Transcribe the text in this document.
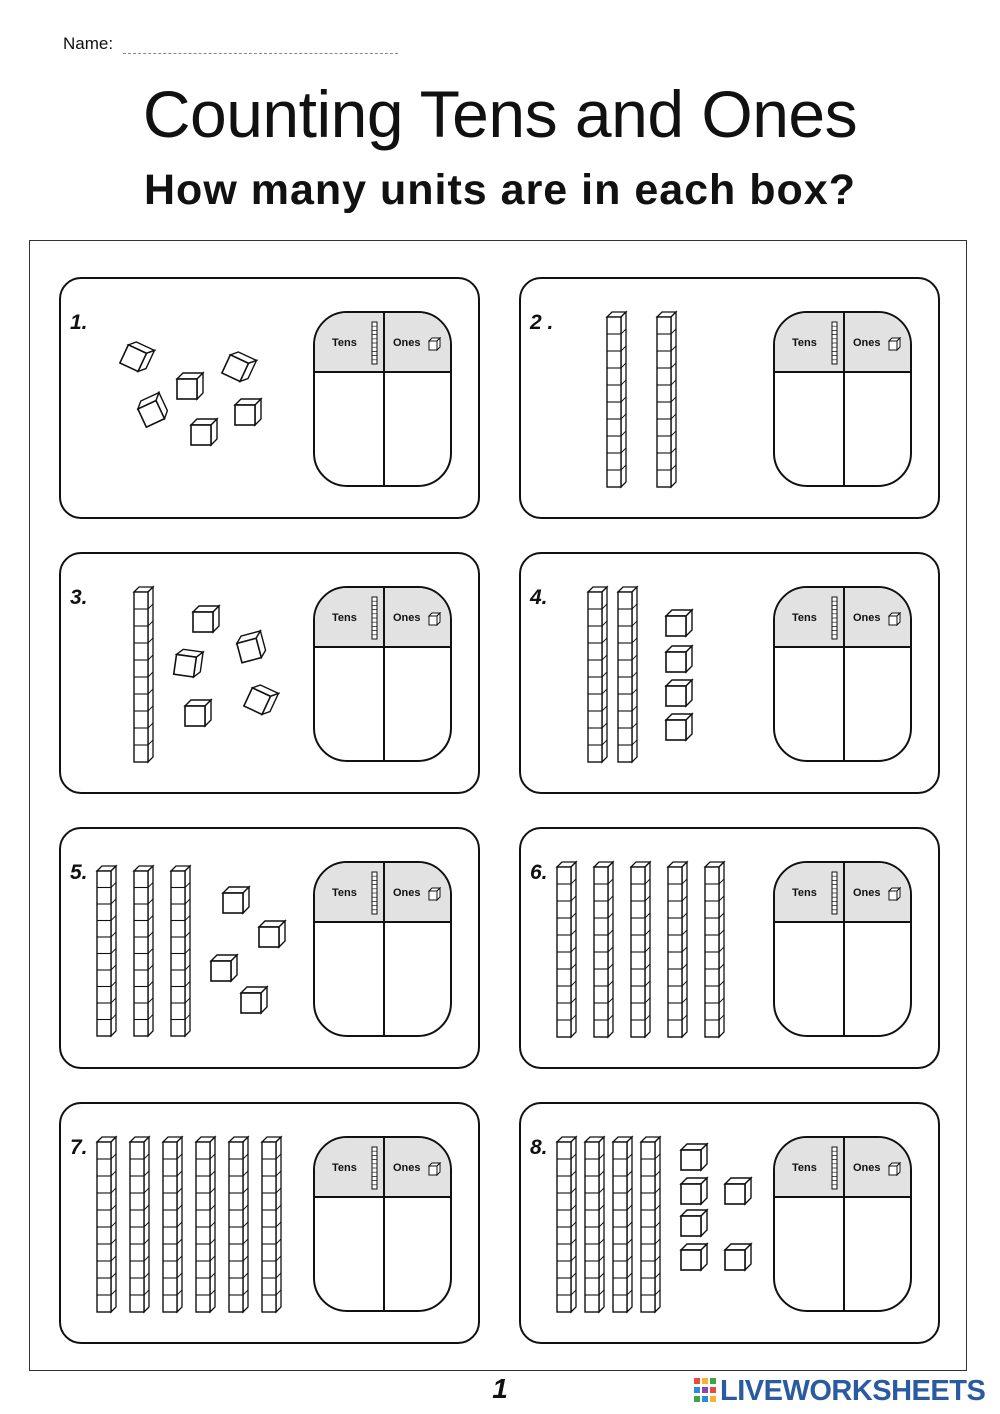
Name:
Counting Tens and Ones
How many units are in each box?
1.
Tens	Ones
2 .
Tens	Ones
3.
Tens	Ones
4.
Tens	Ones
5.
Tens	Ones
6.
Tens	Ones
7.
Tens	Ones
8.
Tens	Ones
1	LIVEWORKSHEETS
